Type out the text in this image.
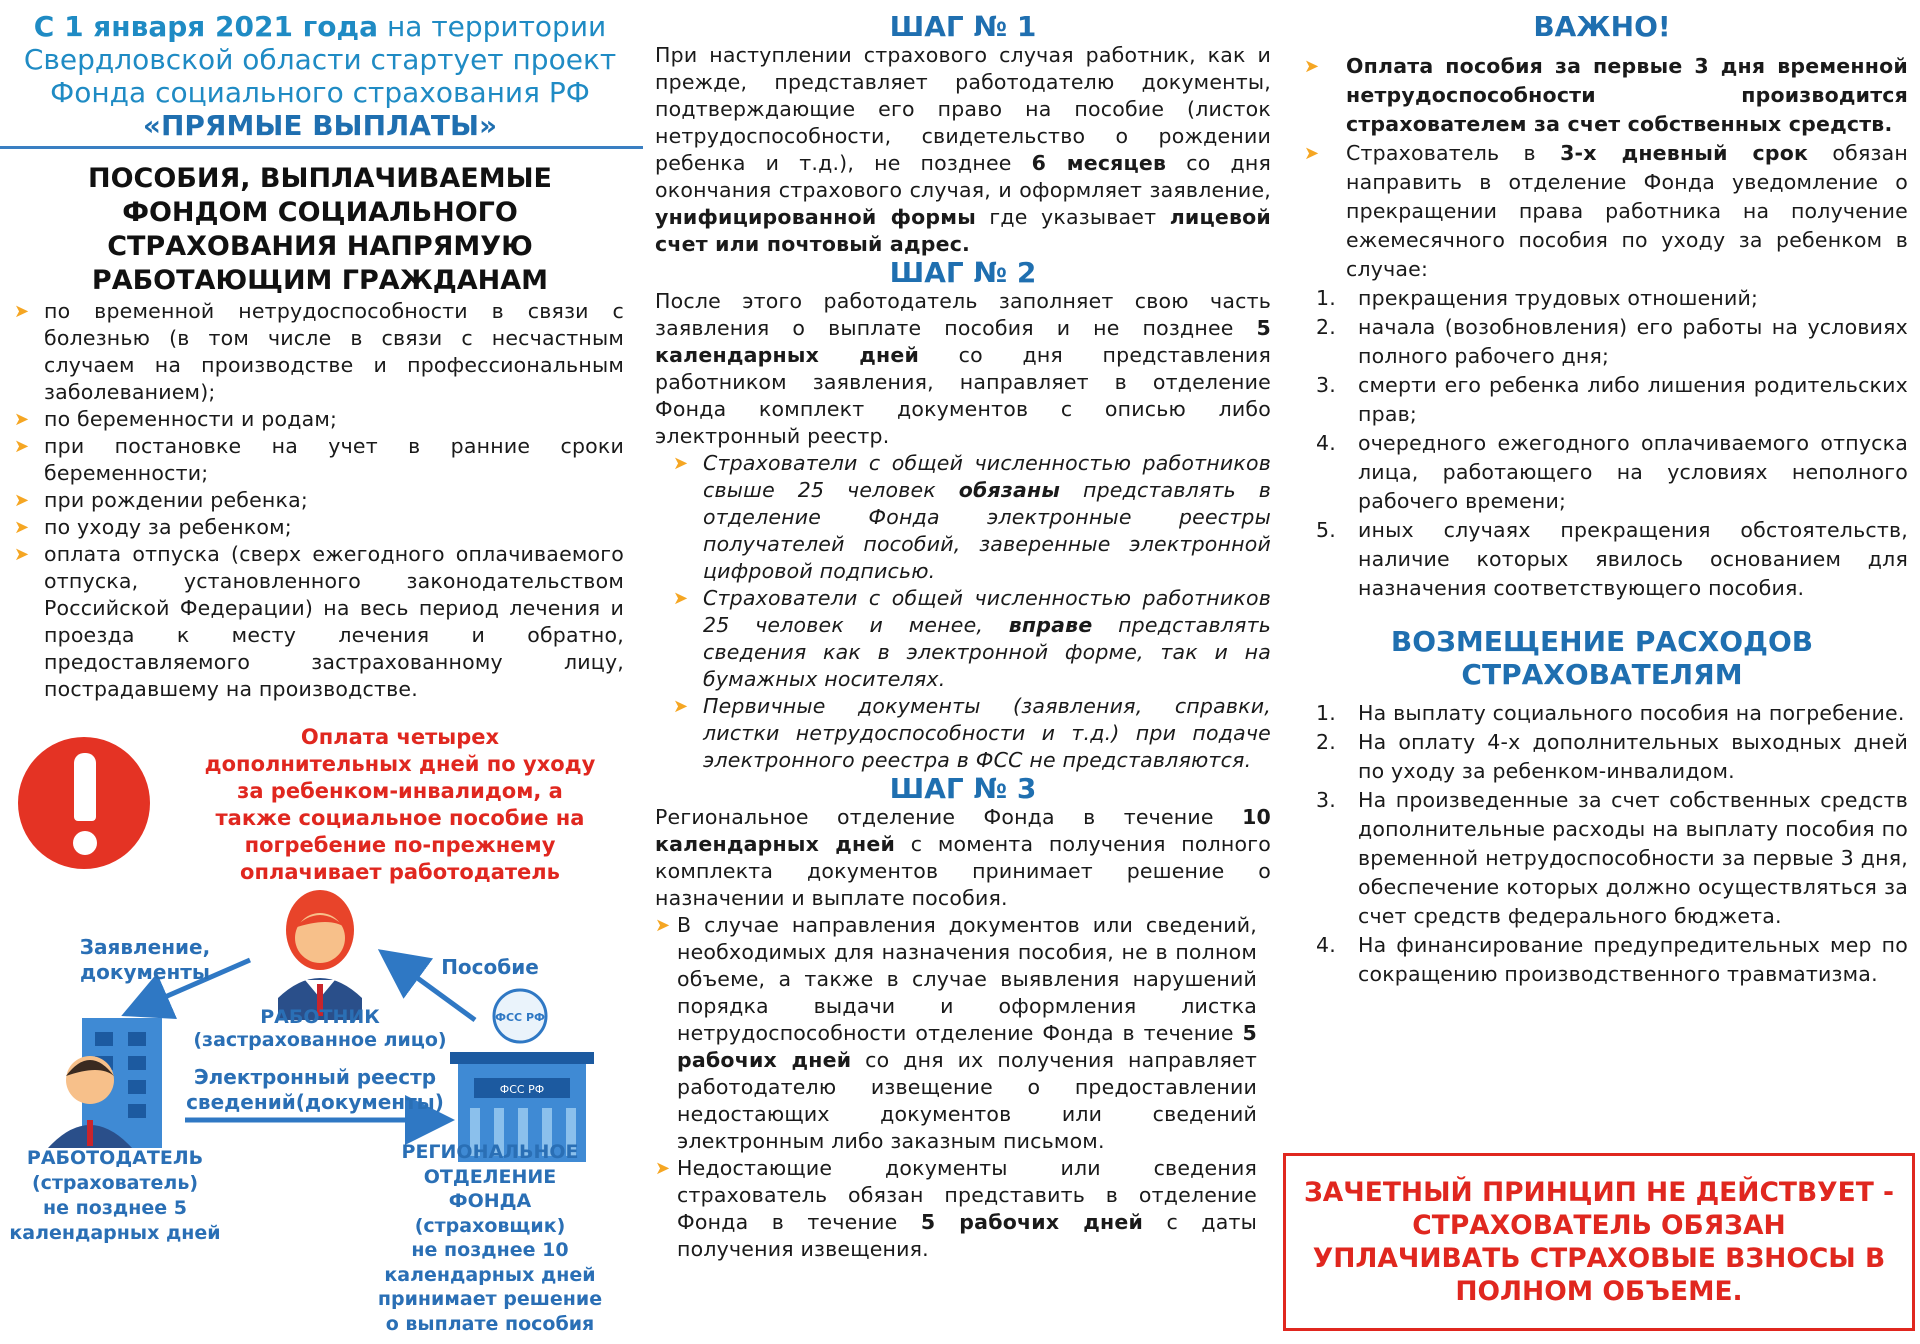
С 1 января 2021 года на территории
Свердловской области стартует проект
Фонда социального страхования РФ
«ПРЯМЫЕ ВЫПЛАТЫ»
ПОСОБИЯ, ВЫПЛАЧИВАЕМЫЕ
ФОНДОМ СОЦИАЛЬНОГО
СТРАХОВАНИЯ НАПРЯМУЮ
РАБОТАЮЩИМ ГРАЖДАНАМ
➤ по временной нетрудоспособности в связи с болезнью (в том числе в связи с несчастным случаем на производстве и профессиональным заболеванием);
➤ по беременности и родам;
➤ при постановке на учет в ранние сроки беременности;
➤ при рождении ребенка;
➤ по уходу за ребенком;
➤ оплата отпуска (сверх ежегодного оплачиваемого отпуска, установленного законодательством Российской Федерации) на весь период лечения и проезда к месту лечения и обратно, предоставляемого застрахованному лицу, пострадавшему на производстве.
Оплата четырех
дополнительных дней по уходу
за ребенком-инвалидом, а
также социальное пособие на
погребение по-прежнему
оплачивает работодатель
ФСС РФ
ФСС РФ
Заявление,
документы	Пособие
РАБОТНИК
(застрахованное лицо)
Электронный реестр
сведений(документы)
РАБОТОДАТЕЛЬ
(страхователь)
не позднее 5
календарных дней
РЕГИОНАЛЬНОЕ
ОТДЕЛЕНИЕ
ФОНДА
(страховщик)
не позднее 10
календарных дней
принимает решение
о выплате пособия
ШАГ № 1

При наступлении страхового случая работник, как и прежде, представляет работодателю документы, подтверждающие его право на пособие (листок нетрудоспособности, свидетельство о рождении ребенка и т.д.), не позднее 6 месяцев со дня окончания страхового случая, и оформляет заявление, унифицированной формы где указывает лицевой счет или почтовый адрес.

ШАГ № 2

После этого работодатель заполняет свою часть заявления о выплате пособия и не позднее 5 календарных дней со дня представления работником заявления, направляет в отделение Фонда комплект документов с описью либо электронный реестр.

➤ Страхователи с общей численностью работников свыше 25 человек обязаны представлять в отделение Фонда электронные реестры получателей пособий, заверенные электронной цифровой подписью.
➤ Страхователи с общей численностью работников 25 человек и менее, вправе представлять сведения как в электронной форме, так и на бумажных носителях.
➤ Первичные документы (заявления, справки, листки нетрудоспособности и т.д.) при подаче электронного реестра в ФСС не представляются.
ШАГ № 3

Региональное отделение Фонда в течение 10 календарных дней с момента получения полного комплекта документов принимает решение о назначении и выплате пособия.

➤ В случае направления документов или сведений, необходимых для назначения пособия, не в полном объеме, а также в случае выявления нарушений порядка выдачи и оформления листка нетрудоспособности отделение Фонда в течение 5 рабочих дней со дня их получения направляет работодателю извещение о предоставлении недостающих документов или сведений электронным либо заказным письмом.
➤ Недостающие документы или сведения страхователь обязан представить в отделение Фонда в течение 5 рабочих дней с даты получения извещения.
ВАЖНО!
➤ Оплата пособия за первые 3 дня временной нетрудоспособности производится страхователем за счет собственных средств.
➤ Страхователь в 3-х дневный срок обязан направить в отделение Фонда уведомление о прекращении права работника на получение ежемесячного пособия по уходу за ребенком в случае:
прекращения трудовых отношений;
начала (возобновления) его работы на условиях полного рабочего дня;
смерти его ребенка либо лишения родительских прав;
очередного ежегодного оплачиваемого отпуска лица, работающего на условиях неполного рабочего времени;
иных случаях прекращения обстоятельств, наличие которых явилось основанием для назначения соответствующего пособия.
ВОЗМЕЩЕНИЕ РАСХОДОВ
СТРАХОВАТЕЛЯМ
На выплату социального пособия на погребение.
На оплату 4-х дополнительных выходных дней по уходу за ребенком-инвалидом.
На произведенные за счет собственных средств дополнительные расходы на выплату пособия по временной нетрудоспособности за первые 3 дня, обеспечение которых должно осуществляться за счет средств федерального бюджета.
На финансирование предупредительных мер по сокращению производственного травматизма.
ЗАЧЕТНЫЙ ПРИНЦИП НЕ ДЕЙСТВУЕТ -
СТРАХОВАТЕЛЬ ОБЯЗАН
УПЛАЧИВАТЬ СТРАХОВЫЕ ВЗНОСЫ В
ПОЛНОМ ОБЪЕМЕ.
